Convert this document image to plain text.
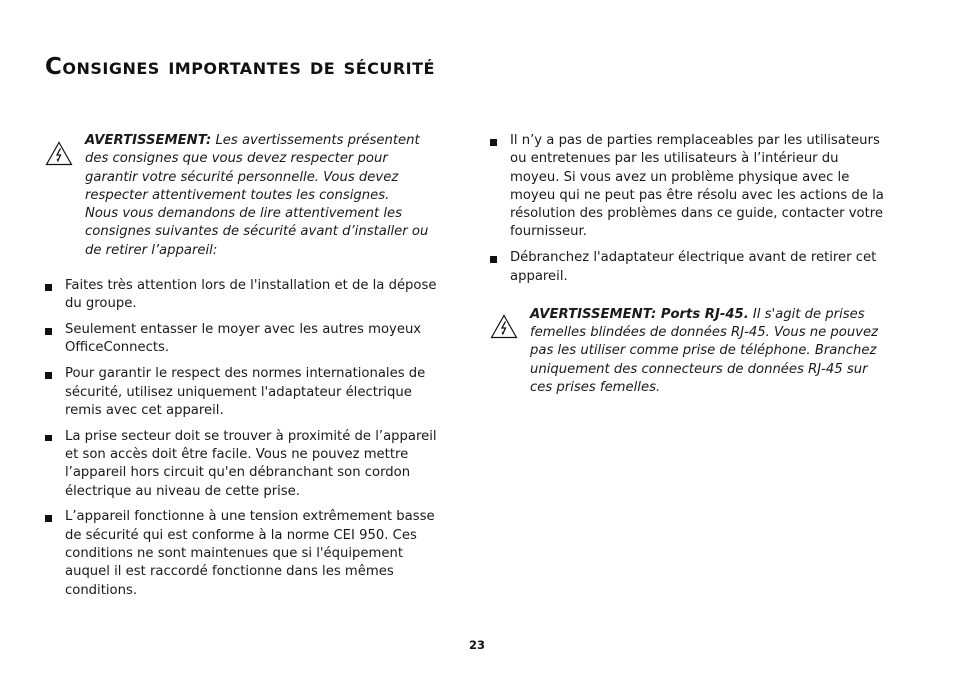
Consignes importantes de sécurité

AVERTISSEMENT: Les avertissements présentent des consignes que vous devez respecter pour garantir votre sécurité personnelle. Vous devez respecter attentivement toutes les consignes.

Nous vous demandons de lire attentivement les consignes suivantes de sécurité avant d’installer ou de retirer l’appareil:

Faites très attention lors de l'installation et de la dépose du groupe.
Seulement entasser le moyer avec les autres moyeux OfficeConnects.
Pour garantir le respect des normes internationales de sécurité, utilisez uniquement l'adaptateur électrique remis avec cet appareil.
La prise secteur doit se trouver à proximité de l’appareil et son accès doit être facile. Vous ne pouvez mettre l’appareil hors circuit qu'en débranchant son cordon électrique au niveau de cette prise.
L’appareil fonctionne à une tension extrêmement basse de sécurité qui est conforme à la norme CEI 950. Ces conditions ne sont maintenues que si l'équipement auquel il est raccordé fonctionne dans les mêmes conditions.
Il n’y a pas de parties remplaceables par les utilisateurs ou entretenues par les utilisateurs à l’intérieur du moyeu. Si vous avez un problème physique avec le moyeu qui ne peut pas être résolu avec les actions de la résolution des problèmes dans ce guide, contacter votre fournisseur.
Débranchez l'adaptateur électrique avant de retirer cet appareil.

AVERTISSEMENT: Ports RJ-45. Il s'agit de prises femelles blindées de données RJ-45. Vous ne pouvez pas les utiliser comme prise de téléphone. Branchez uniquement des connecteurs de données RJ-45 sur ces prises femelles.

23
